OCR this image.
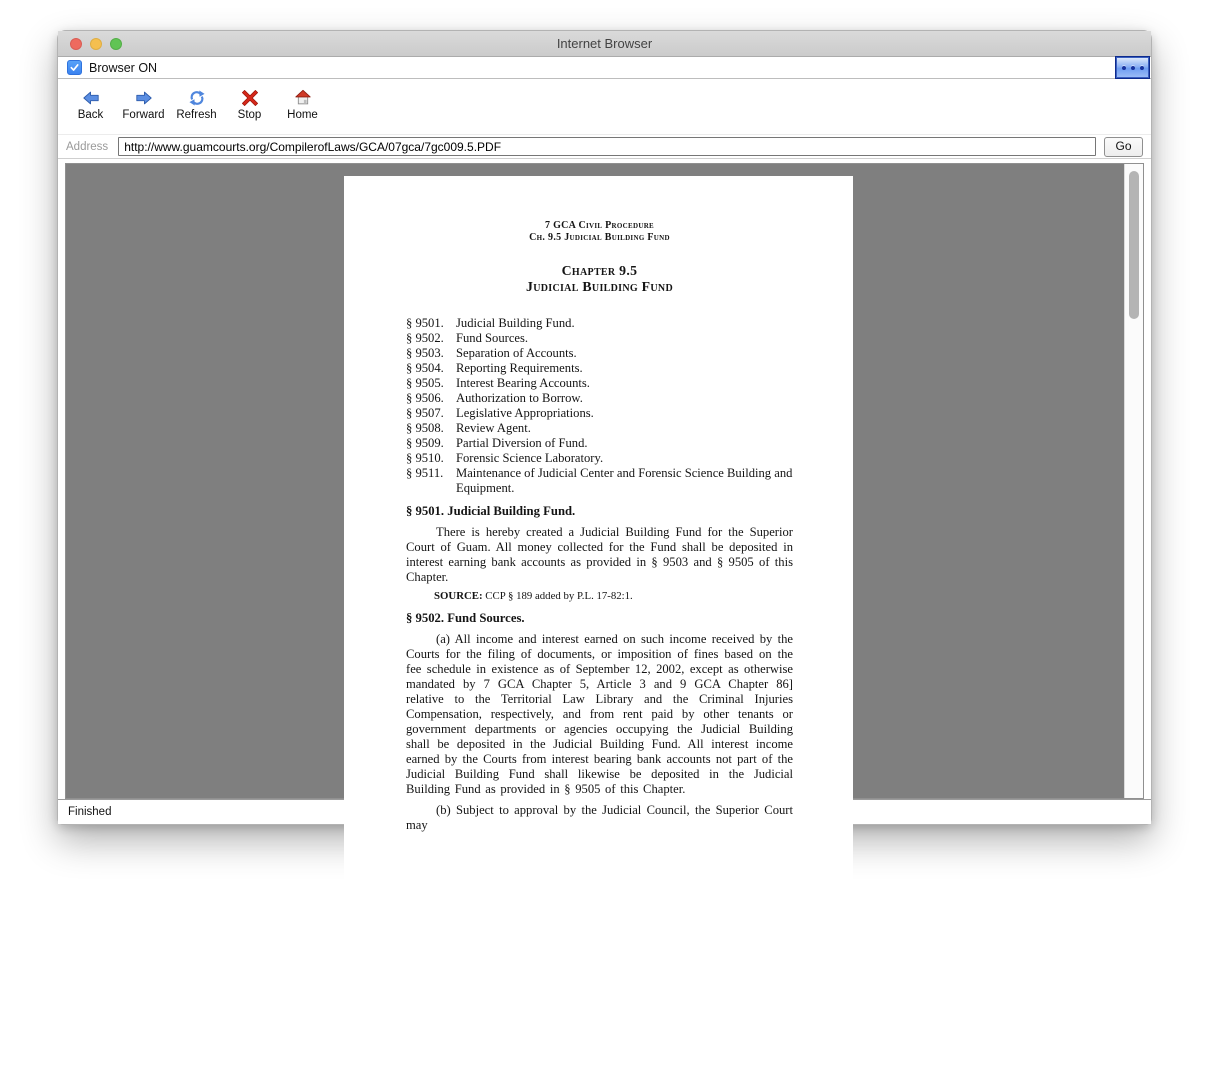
Internet Browser
Browser ON
Back Forward Refresh Stop Home
Address
http://www.guamcourts.org/CompilerofLaws/GCA/07gca/7gc009.5.PDF	Go
7 GCA Civil Procedure
Ch. 9.5 Judicial Building Fund
Chapter 9.5
Judicial Building Fund
§ 9501. Judicial Building Fund.
§ 9502. Fund Sources.
§ 9503. Separation of Accounts.
§ 9504. Reporting Requirements.
§ 9505. Interest Bearing Accounts.
§ 9506. Authorization to Borrow.
§ 9507. Legislative Appropriations.
§ 9508. Review Agent.
§ 9509. Partial Diversion of Fund.
§ 9510. Forensic Science Laboratory.
§ 9511.	Maintenance of Judicial Center and Forensic Science Building and Equipment.
§ 9501. Judicial Building Fund.

There is hereby created a Judicial Building Fund for the Superior Court of Guam. All money collected for the Fund shall be deposited in interest earning bank accounts as provided in § 9503 and § 9505 of this Chapter.

SOURCE: CCP § 189 added by P.L. 17-82:1.

§ 9502. Fund Sources.

(a) All income and interest earned on such income received by the Courts for the filing of documents, or imposition of fines based on the fee schedule in existence as of September 12, 2002, except as otherwise mandated by 7 GCA Chapter 5, Article 3 and 9 GCA Chapter 86] relative to the Territorial Law Library and the Criminal Injuries Compensation, respectively, and from rent paid by other tenants or government departments or agencies occupying the Judicial Building shall be deposited in the Judicial Building Fund. All interest income earned by the Courts from interest bearing bank accounts not part of the Judicial Building Fund shall likewise be deposited in the Judicial Building Fund as provided in § 9505 of this Chapter.

(b) Subject to approval by the Judicial Council, the Superior Court may

Finished
